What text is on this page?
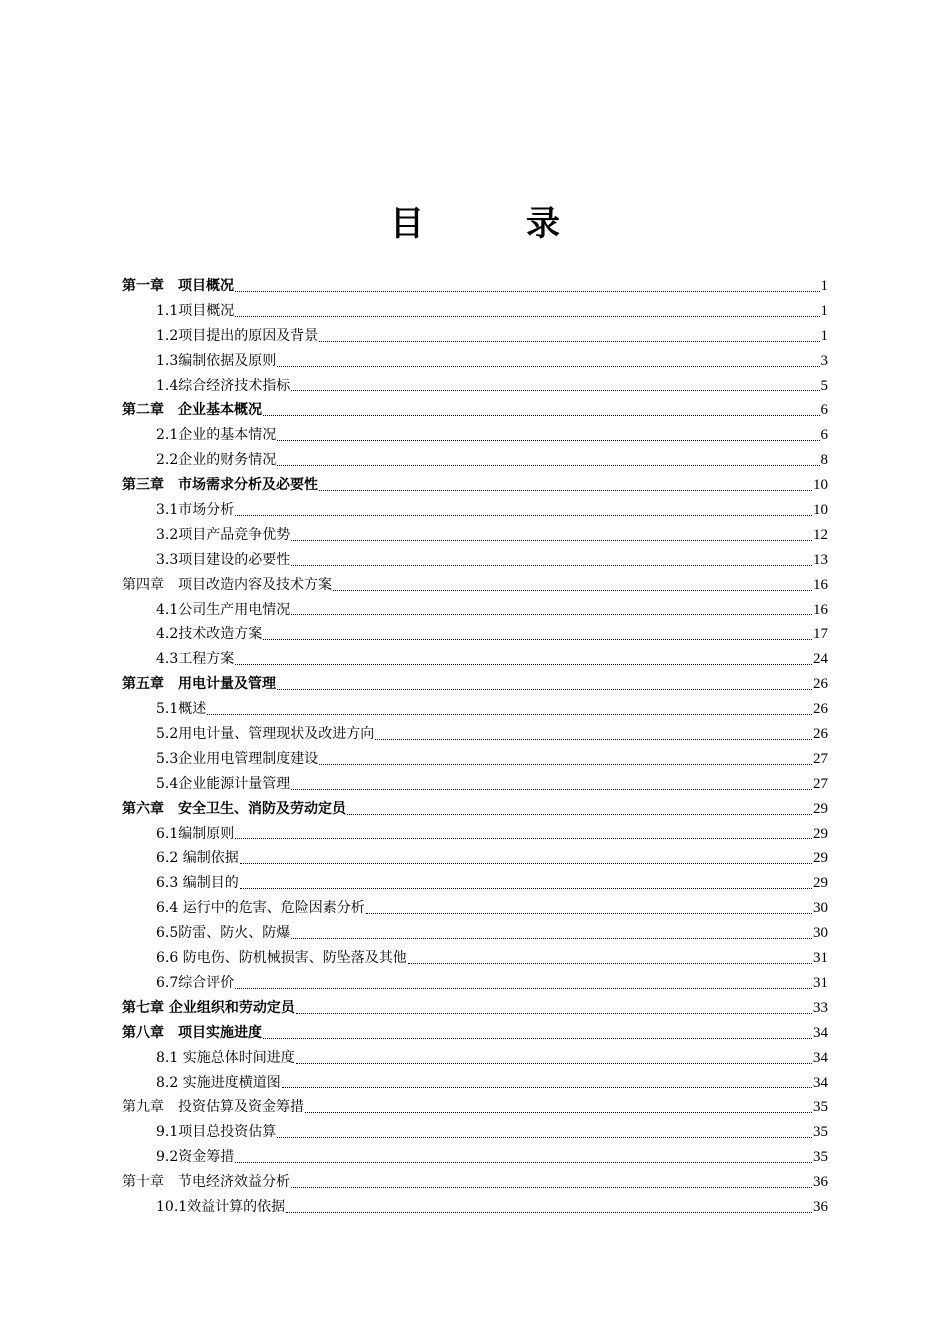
目　录
第一章　项目概况	1
1.1项目概况	1
1.2项目提出的原因及背景	1
1.3编制依据及原则	3
1.4综合经济技术指标	5
第二章　企业基本概况	6
2.1企业的基本情况	6
2.2企业的财务情况	8
第三章　市场需求分析及必要性	10
3.1市场分析	10
3.2项目产品竞争优势	12
3.3项目建设的必要性	13
第四章　项目改造内容及技术方案	16
4.1公司生产用电情况	16
4.2技术改造方案	17
4.3工程方案	24
第五章　用电计量及管理	26
5.1概述	26
5.2用电计量、管理现状及改进方向	26
5.3企业用电管理制度建设	27
5.4企业能源计量管理	27
第六章　安全卫生、消防及劳动定员	29
6.1编制原则	29
6.2 编制依据	29
6.3 编制目的	29
6.4 运行中的危害、危险因素分析	30
6.5防雷、防火、防爆	30
6.6 防电伤、防机械损害、防坠落及其他	31
6.7综合评价	31
第七章 企业组织和劳动定员	33
第八章　项目实施进度	34
8.1 实施总体时间进度	34
8.2 实施进度横道图	34
第九章　投资估算及资金筹措	35
9.1项目总投资估算	35
9.2资金筹措	35
第十章　节电经济效益分析	36
10.1效益计算的依据	36
